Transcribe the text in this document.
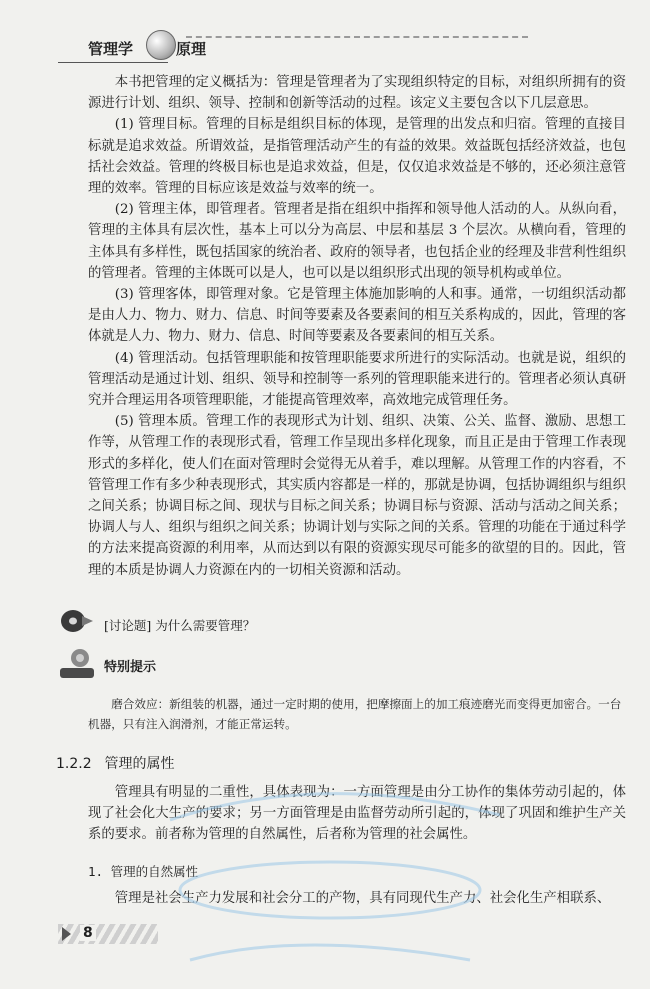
管理学	原理

本书把管理的定义概括为：管理是管理者为了实现组织特定的目标，对组织所拥有的资源进行计划、组织、领导、控制和创新等活动的过程。该定义主要包含以下几层意思。

(1) 管理目标。管理的目标是组织目标的体现，是管理的出发点和归宿。管理的直接目标就是追求效益。所谓效益，是指管理活动产生的有益的效果。效益既包括经济效益，也包括社会效益。管理的终极目标也是追求效益，但是，仅仅追求效益是不够的，还必须注意管理的效率。管理的目标应该是效益与效率的统一。

(2) 管理主体，即管理者。管理者是指在组织中指挥和领导他人活动的人。从纵向看，管理的主体具有层次性，基本上可以分为高层、中层和基层 3 个层次。从横向看，管理的主体具有多样性，既包括国家的统治者、政府的领导者，也包括企业的经理及非营利性组织的管理者。管理的主体既可以是人，也可以是以组织形式出现的领导机构或单位。

(3) 管理客体，即管理对象。它是管理主体施加影响的人和事。通常，一切组织活动都是由人力、物力、财力、信息、时间等要素及各要素间的相互关系构成的，因此，管理的客体就是人力、物力、财力、信息、时间等要素及各要素间的相互关系。

(4) 管理活动。包括管理职能和按管理职能要求所进行的实际活动。也就是说，组织的管理活动是通过计划、组织、领导和控制等一系列的管理职能来进行的。管理者必须认真研究并合理运用各项管理职能，才能提高管理效率，高效地完成管理任务。

(5) 管理本质。管理工作的表现形式为计划、组织、决策、公关、监督、激励、思想工作等，从管理工作的表现形式看，管理工作呈现出多样化现象，而且正是由于管理工作表现形式的多样化，使人们在面对管理时会觉得无从着手，难以理解。从管理工作的内容看，不管管理工作有多少种表现形式，其实质内容都是一样的，那就是协调，包括协调组织与组织之间关系；协调目标之间、现状与目标之间关系；协调目标与资源、活动与活动之间关系；协调人与人、组织与组织之间关系；协调计划与实际之间的关系。管理的功能在于通过科学的方法来提高资源的利用率，从而达到以有限的资源实现尽可能多的欲望的目的。因此，管理的本质是协调人力资源在内的一切相关资源和活动。

[讨论题] 为什么需要管理？
特别提示

磨合效应：新组装的机器，通过一定时期的使用，把摩擦面上的加工痕迹磨光而变得更加密合。一台机器，只有注入润滑剂，才能正常运转。

1.2.2 管理的属性

管理具有明显的二重性，具体表现为：一方面管理是由分工协作的集体劳动引起的，体现了社会化大生产的要求；另一方面管理是由监督劳动所引起的，体现了巩固和维护生产关系的要求。前者称为管理的自然属性，后者称为管理的社会属性。

1. 管理的自然属性

管理是社会生产力发展和社会分工的产物，具有同现代生产力、社会化生产相联系、

8
